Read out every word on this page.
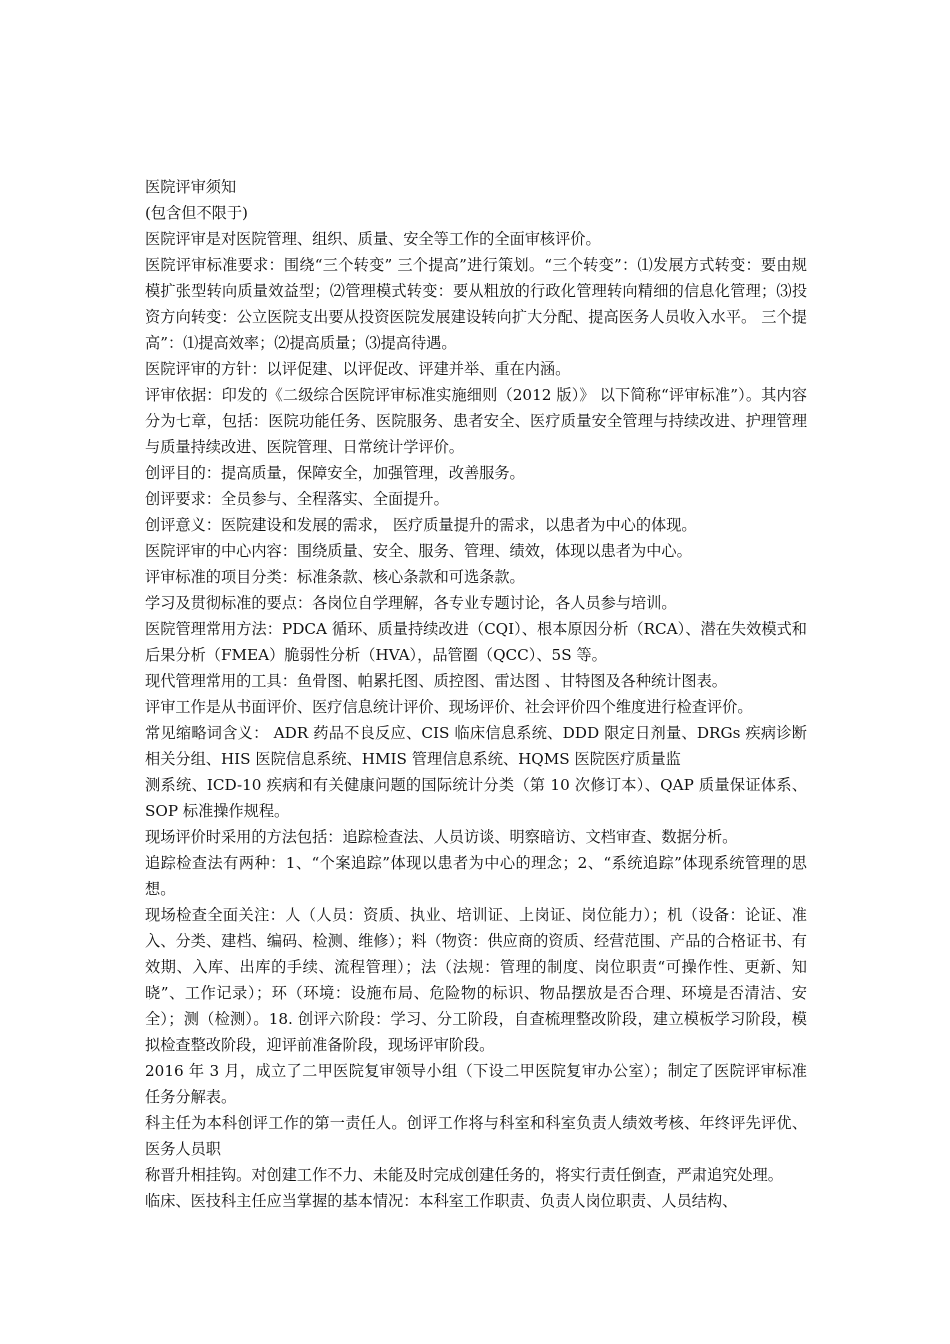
医院评审须知

(包含但不限于)

医院评审是对医院管理、组织、质量、安全等工作的全面审核评价。

医院评审标准要求：围绕“三个转变” 三个提高”进行策划。“三个转变”：⑴发展方式转变：要由规模扩张型转向质量效益型；⑵管理模式转变：要从粗放的行政化管理转向精细的信息化管理；⑶投资方向转变：公立医院支出要从投资医院发展建设转向扩大分配、提高医务人员收入水平。 三个提高”：⑴提高效率；⑵提高质量；⑶提高待遇。

医院评审的方针：以评促建、以评促改、评建并举、重在内涵。

评审依据：印发的《二级综合医院评审标准实施细则（2012 版）》 以下简称“评审标准”）。其内容分为七章，包括：医院功能任务、医院服务、患者安全、医疗质量安全管理与持续改进、护理管理与质量持续改进、医院管理、日常统计学评价。

创评目的：提高质量，保障安全，加强管理，改善服务。

创评要求：全员参与、全程落实、全面提升。

创评意义：医院建设和发展的需求， 医疗质量提升的需求，以患者为中心的体现。

医院评审的中心内容：围绕质量、安全、服务、管理、绩效，体现以患者为中心。

评审标准的项目分类：标准条款、核心条款和可选条款。

学习及贯彻标准的要点：各岗位自学理解，各专业专题讨论，各人员参与培训。

医院管理常用方法：PDCA 循环、质量持续改进（CQI）、根本原因分析（RCA）、潜在失效模式和后果分析（FMEA）脆弱性分析（HVA），品管圈（QCC）、5S 等。

现代管理常用的工具：鱼骨图、帕累托图、质控图、雷达图 、甘特图及各种统计图表。

评审工作是从书面评价、医疗信息统计评价、现场评价、社会评价四个维度进行检查评价。

常见缩略词含义： ADR 药品不良反应、CIS 临床信息系统、DDD 限定日剂量、DRGs 疾病诊断相关分组、HIS 医院信息系统、HMIS 管理信息系统、HQMS 医院医疗质量监

测系统、ICD-10 疾病和有关健康问题的国际统计分类（第 10 次修订本）、QAP 质量保证体系、SOP 标准操作规程。

现场评价时采用的方法包括：追踪检查法、人员访谈、明察暗访、文档审查、数据分析。

追踪检查法有两种：1、“个案追踪”体现以患者为中心的理念；2、“系统追踪”体现系统管理的思想。

现场检查全面关注：人（人员：资质、执业、培训证、上岗证、岗位能力）；机（设备：论证、准入、分类、建档、编码、检测、维修）；料（物资：供应商的资质、经营范围、产品的合格证书、有效期、入库、出库的手续、流程管理）；法（法规：管理的制度、岗位职责“可操作性、更新、知晓”、工作记录）；环（环境：设施布局、危险物的标识、物品摆放是否合理、环境是否清洁、安全）；测（检测）。18. 创评六阶段：学习、分工阶段，自查梳理整改阶段，建立模板学习阶段，模拟检查整改阶段，迎评前准备阶段，现场评审阶段。

2016 年 3 月，成立了二甲医院复审领导小组（下设二甲医院复审办公室）；制定了医院评审标准任务分解表。

科主任为本科创评工作的第一责任人。创评工作将与科室和科室负责人绩效考核、年终评先评优、医务人员职

称晋升相挂钩。对创建工作不力、未能及时完成创建任务的，将实行责任倒查，严肃追究处理。

临床、医技科主任应当掌握的基本情况：本科室工作职责、负责人岗位职责、人员结构、
